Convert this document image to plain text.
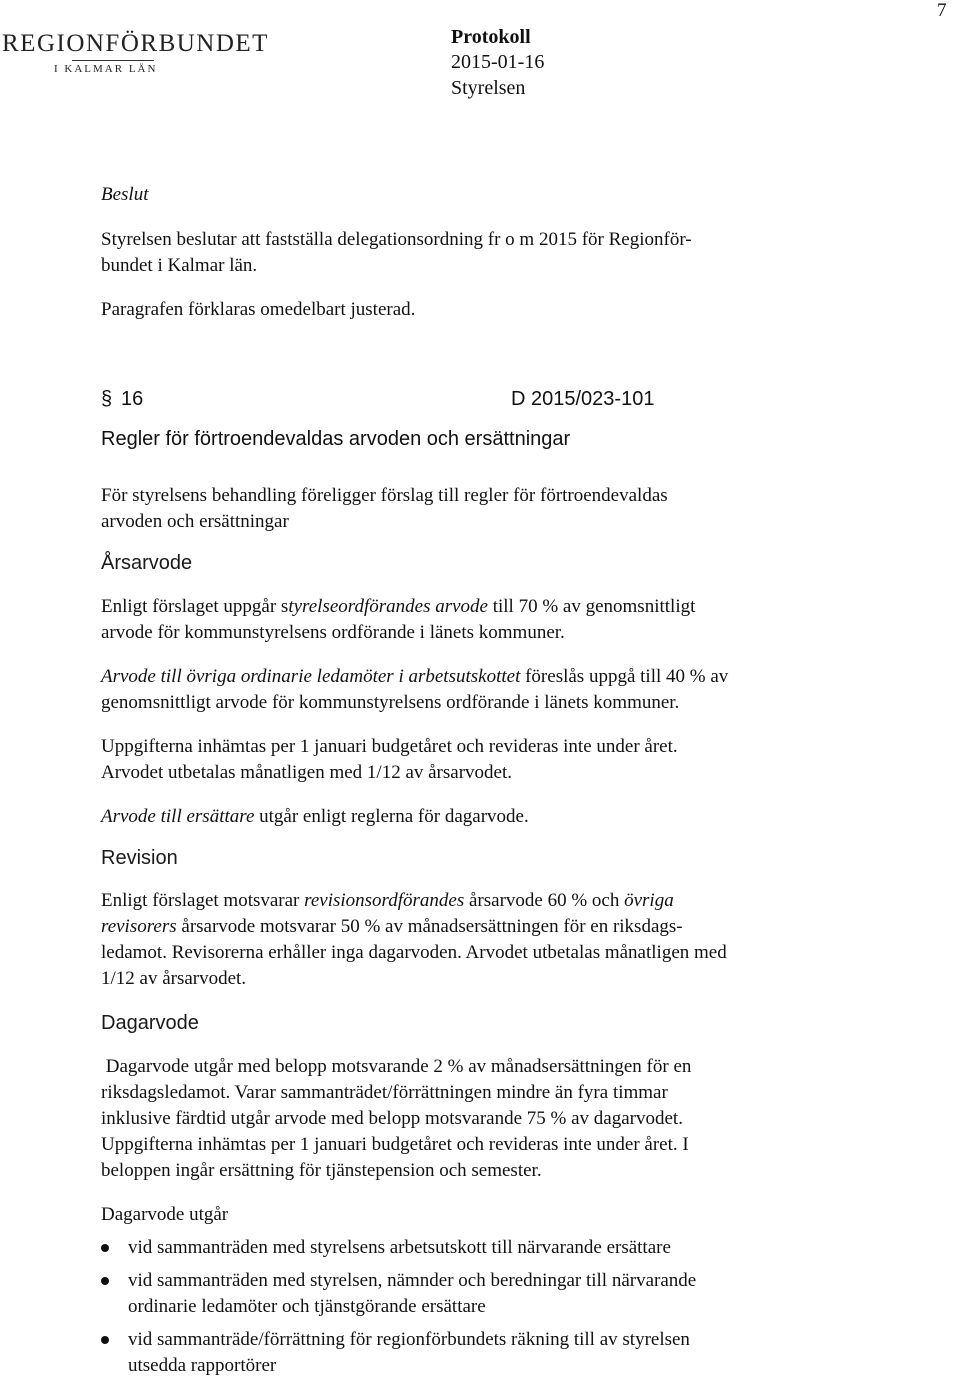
REGIONFÖRBUNDET
I KALMAR LÄN
7
Protokoll
2015-01-16
Styrelsen
Beslut
Styrelsen beslutar att fastställa delegationsordning fr o m 2015 för Regionför-
bundet i Kalmar län.
Paragrafen förklaras omedelbart justerad.
§ 16	D 2015/023-101
Regler för förtroendevaldas arvoden och ersättningar
För styrelsens behandling föreligger förslag till regler för förtroendevaldas
arvoden och ersättningar
Årsarvode
Enligt förslaget uppgår styrelseordförandes arvode till 70 % av genomsnittligt
arvode för kommunstyrelsens ordförande i länets kommuner.
Arvode till övriga ordinarie ledamöter i arbetsutskottet föreslås uppgå till 40 % av
genomsnittligt arvode för kommunstyrelsens ordförande i länets kommuner.
Uppgifterna inhämtas per 1 januari budgetåret och revideras inte under året.
Arvodet utbetalas månatligen med 1/12 av årsarvodet.
Arvode till ersättare utgår enligt reglerna för dagarvode.
Revision
Enligt förslaget motsvarar revisionsordförandes årsarvode 60 % och övriga
revisorers årsarvode motsvarar 50 % av månadsersättningen för en riksdags-
ledamot. Revisorerna erhåller inga dagarvoden. Arvodet utbetalas månatligen med
1/12 av årsarvodet.
Dagarvode
Dagarvode utgår med belopp motsvarande 2 % av månadsersättningen för en
riksdagsledamot. Varar sammanträdet/förrättningen mindre än fyra timmar
inklusive färdtid utgår arvode med belopp motsvarande 75 % av dagarvodet.
Uppgifterna inhämtas per 1 januari budgetåret och revideras inte under året. I
beloppen ingår ersättning för tjänstepension och semester.
Dagarvode utgår
vid sammanträden med styrelsens arbetsutskott till närvarande ersättare
vid sammanträden med styrelsen, nämnder och beredningar till närvarande
ordinarie ledamöter och tjänstgörande ersättare
vid sammanträde/förrättning för regionförbundets räkning till av styrelsen
utsedda rapportörer
